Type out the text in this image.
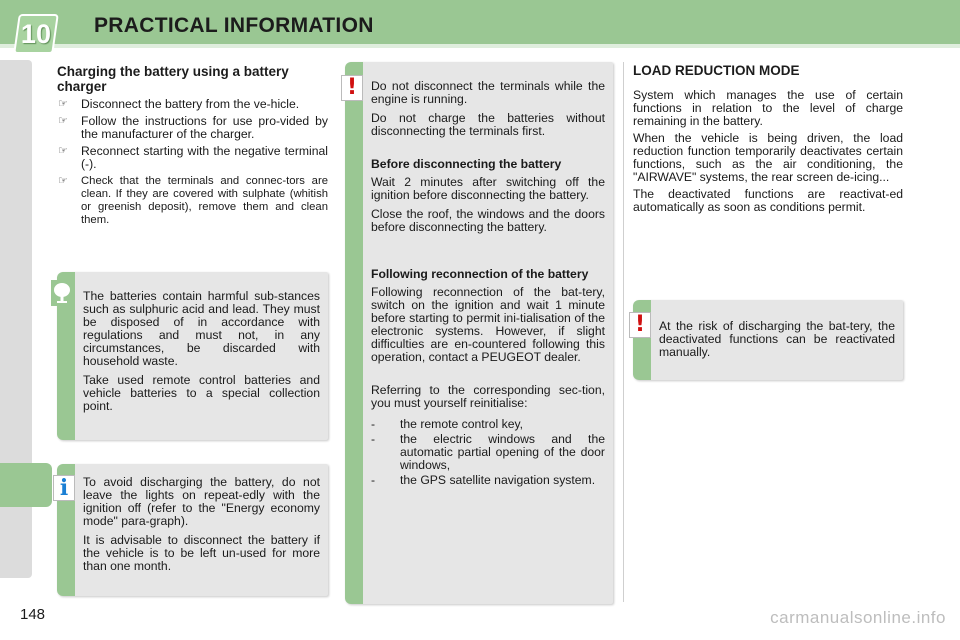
10 PRACTICAL INFORMATION
Charging the battery using a battery charger
☞ Disconnect the battery from the ve-hicle.
☞ Follow the instructions for use pro-vided by the manufacturer of the charger.
☞ Reconnect starting with the negative terminal (-).
☞ Check that the terminals and connec-tors are clean. If they are covered with sulphate (whitish or greenish deposit), remove them and clean them.

The batteries contain harmful sub-stances such as sulphuric acid and lead. They must be disposed of in accordance with regulations and must not, in any circumstances, be discarded with household waste.

Take used remote control batteries and vehicle batteries to a special collection point.

To avoid discharging the battery, do not leave the lights on repeat-edly with the ignition off (refer to the "Energy economy mode" para-graph).

It is advisable to disconnect the battery if the vehicle is to be left un-used for more than one month.

i

Do not disconnect the terminals while the engine is running.

Do not charge the batteries without disconnecting the terminals first.

Before disconnecting the battery

Wait 2 minutes after switching off the ignition before disconnecting the battery.

Close the roof, the windows and the doors before disconnecting the battery.

Following reconnection of the battery

Following reconnection of the bat-tery, switch on the ignition and wait 1 minute before starting to permit ini-tialisation of the electronic systems. However, if slight difficulties are en-countered following this operation, contact a PEUGEOT dealer.

Referring to the corresponding sec-tion, you must yourself reinitialise:

- the remote control key,
- the electric windows and the automatic partial opening of the door windows,
- the GPS satellite navigation system.
!
LOAD REDUCTION MODE

System which manages the use of certain functions in relation to the level of charge remaining in the battery.

When the vehicle is being driven, the load reduction function temporarily deactivates certain functions, such as the air conditioning, the "AIRWAVE" systems, the rear screen de-icing...

The deactivated functions are reactivat-ed automatically as soon as conditions permit.

At the risk of discharging the bat-tery, the deactivated functions can be reactivated manually.

!
148	carmanualsonline.info
